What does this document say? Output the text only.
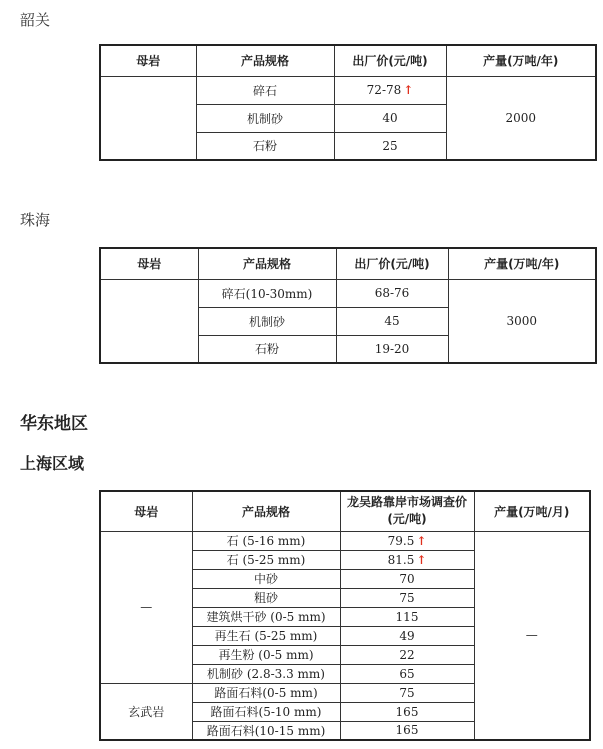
韶关
母岩	产品规格	出厂价(元/吨)	产量(万吨/年)
	碎石	72-78 ↑	2000
	机制砂	40	
	石粉	25	
珠海
母岩	产品规格	出厂价(元/吨)	产量(万吨/年)
	碎石(10-30mm)	68-76	3000
	机制砂	45	
	石粉	19-20	
华东地区
上海区域
母岩	产品规格	龙吴路靠岸市场调查价(元/吨)	产量(万吨/月)
—	石 (5-16 mm)	79.5 ↑	—
	石 (5-25 mm)	81.5 ↑	
	中砂	70	
	粗砂	75	
	建筑烘干砂 (0-5 mm)	115	
	再生石 (5-25 mm)	49	
	再生粉 (0-5 mm)	22	
	机制砂 (2.8-3.3 mm)	65	
玄武岩	路面石料(0-5 mm)	75	
	路面石料(5-10 mm)	165	
	路面石料(10-15 mm)	165	
